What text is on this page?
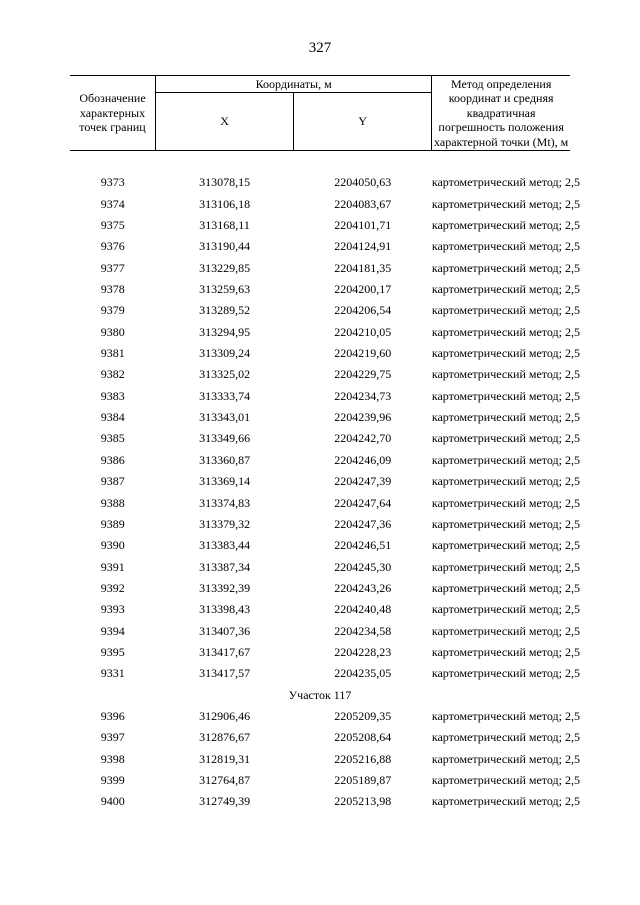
327
Обозначение характерных точек границ	Координаты, м		Метод определения координат и средняя квадратичная погрешность положения характерной точки (Mt), м
	X	Y	

9373	313078,15	2204050,63	картометрический метод; 2,5
9374	313106,18	2204083,67	картометрический метод; 2,5
9375	313168,11	2204101,71	картометрический метод; 2,5
9376	313190,44	2204124,91	картометрический метод; 2,5
9377	313229,85	2204181,35	картометрический метод; 2,5
9378	313259,63	2204200,17	картометрический метод; 2,5
9379	313289,52	2204206,54	картометрический метод; 2,5
9380	313294,95	2204210,05	картометрический метод; 2,5
9381	313309,24	2204219,60	картометрический метод; 2,5
9382	313325,02	2204229,75	картометрический метод; 2,5
9383	313333,74	2204234,73	картометрический метод; 2,5
9384	313343,01	2204239,96	картометрический метод; 2,5
9385	313349,66	2204242,70	картометрический метод; 2,5
9386	313360,87	2204246,09	картометрический метод; 2,5
9387	313369,14	2204247,39	картометрический метод; 2,5
9388	313374,83	2204247,64	картометрический метод; 2,5
9389	313379,32	2204247,36	картометрический метод; 2,5
9390	313383,44	2204246,51	картометрический метод; 2,5
9391	313387,34	2204245,30	картометрический метод; 2,5
9392	313392,39	2204243,26	картометрический метод; 2,5
9393	313398,43	2204240,48	картометрический метод; 2,5
9394	313407,36	2204234,58	картометрический метод; 2,5
9395	313417,67	2204228,23	картометрический метод; 2,5
9331	313417,57	2204235,05	картометрический метод; 2,5
Участок 117			
9396	312906,46	2205209,35	картометрический метод; 2,5
9397	312876,67	2205208,64	картометрический метод; 2,5
9398	312819,31	2205216,88	картометрический метод; 2,5
9399	312764,87	2205189,87	картометрический метод; 2,5
9400	312749,39	2205213,98	картометрический метод; 2,5
